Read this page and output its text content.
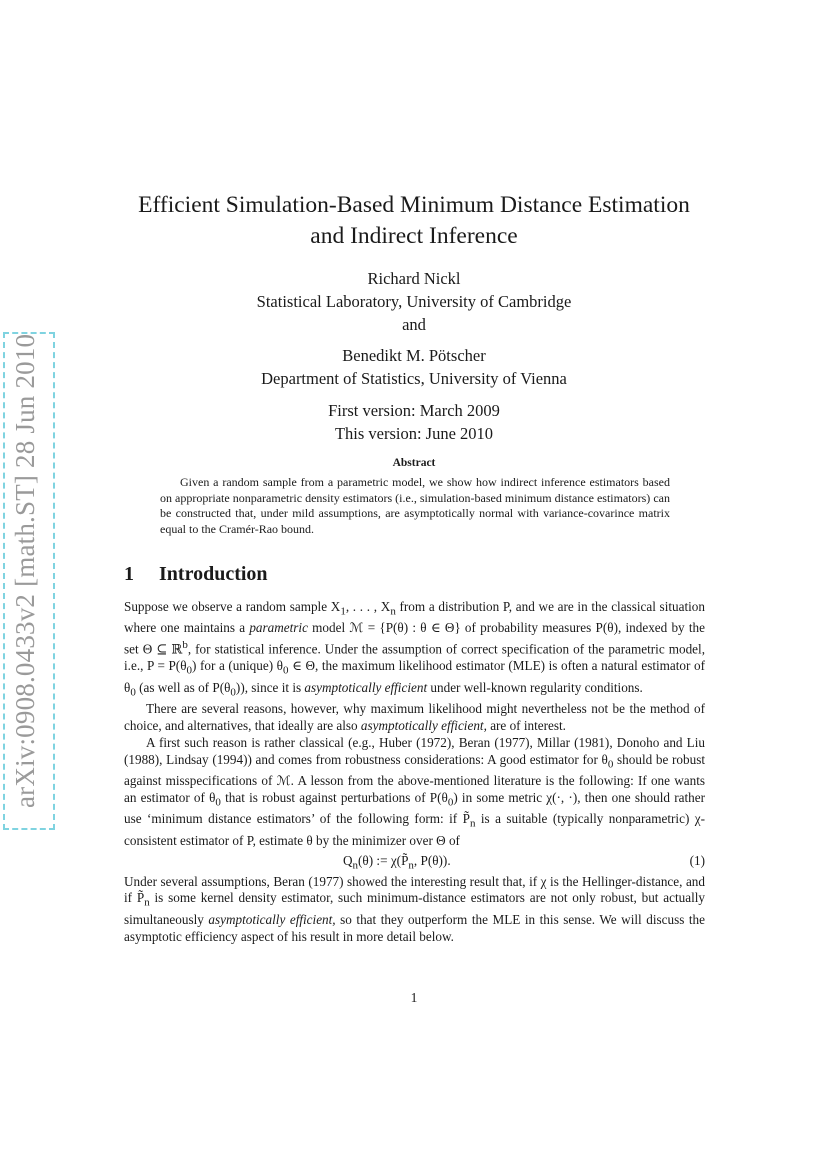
arXiv:0908.0433v2 [math.ST] 28 Jun 2010
Efficient Simulation-Based Minimum Distance Estimation
and Indirect Inference
Richard Nickl
Statistical Laboratory, University of Cambridge
and
Benedikt M. Pötscher
Department of Statistics, University of Vienna
First version: March 2009
This version: June 2010
Abstract
Given a random sample from a parametric model, we show how indirect inference estimators based on appropriate nonparametric density estimators (i.e., simulation-based minimum distance estimators) can be constructed that, under mild assumptions, are asymptotically normal with variance-covarince matrix equal to the Cramér-Rao bound.
1 Introduction

Suppose we observe a random sample $X_1$, . . . , $X_n$ from a distribution P, and we are in the classical situation where one maintains a parametric model ℳ = {P(θ) : θ ∈ Θ} of probability measures P(θ), indexed by the set Θ ⊆ ℝ$^b$, for statistical inference. Under the assumption of correct specification of the parametric model, i.e., $P = P(\theta_0)$ for a (unique) $\theta_0$ ∈ Θ, the maximum likelihood estimator (MLE) is often a natural estimator of $\theta_0$ (as well as of $P(\theta_0)$), since it is asymptotically efficient under well-known regularity conditions.

There are several reasons, however, why maximum likelihood might nevertheless not be the method of choice, and alternatives, that ideally are also asymptotically efficient, are of interest.

A first such reason is rather classical (e.g., Huber (1972), Beran (1977), Millar (1981), Donoho and Liu (1988), Lindsay (1994)) and comes from robustness considerations: A good estimator for $\theta_0$ should be robust against misspecifications of ℳ. A lesson from the above-mentioned literature is the following: If one wants an estimator of $\theta_0$ that is robust against perturbations of $P(\theta_0)$ in some metric χ(·, ·), then one should rather use ‘minimum distance estimators’ of the following form: if $P̃_n$ is a suitable (typically nonparametric) χ-consistent estimator of P, estimate θ by the minimizer over Θ of

$Q_n(\theta)$ := $\chi(P̃_n$, P(θ)).	(1)

Under several assumptions, Beran (1977) showed the interesting result that, if χ is the Hellinger-distance, and if $P̃_n$ is some kernel density estimator, such minimum-distance estimators are not only robust, but actually simultaneously asymptotically efficient, so that they outperform the MLE in this sense. We will discuss the asymptotic efficiency aspect of his result in more detail below.

1
